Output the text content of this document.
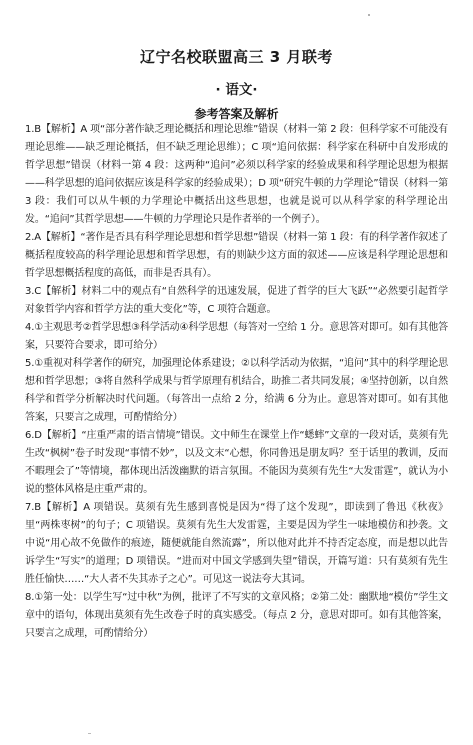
辽宁名校联盟高三 3 月联考
· 语文·
参考答案及解析

1.B【解析】A 项“部分著作缺乏理论概括和理论思维”错误（材料一第 2 段：但科学家不可能没有理论思维——缺乏理论概括，但不缺乏理论思维）；C 项“追问依据：科学家在科研中自发形成的哲学思想”错误（材料一第 4 段：这两种“追问”必须以科学家的经验成果和科学理论思想为根据——科学思想的追问依据应该是科学家的经验成果）；D 项“研究牛顿的力学理论”错误（材料一第 3 段：我们可以从牛顿的力学理论中概括出这些思想，也就是说可以从科学家的科学理论出发。“追问”其哲学思想——牛顿的力学理论只是作者举的一个例子）。

2.A【解析】“著作是否具有科学理论思想和哲学思想”错误（材料一第 1 段：有的科学著作叙述了概括程度较高的科学理论思想和哲学思想，有的则缺少这方面的叙述——应该是科学理论思想和哲学思想概括程度的高低，而非是否具有）。

3.C【解析】材料二中的观点有“自然科学的迅速发展，促进了哲学的巨大飞跃”“必然要引起哲学对象哲学内容和哲学方法的重大变化”等，C 项符合题意。

4.①主观思考②哲学思想③科学活动④科学思想（每答对一空给 1 分。意思答对即可。如有其他答案，只要符合要求，即可给分）

5.①重视对科学著作的研究，加强理论体系建设；②以科学活动为依据，“追问”其中的科学理论思想和哲学思想；③将自然科学成果与哲学原理有机结合，助推二者共同发展；④坚持创新，以自然科学和哲学分析解决时代问题。（每答出一点给 2 分，给满 6 分为止。意思答对即可。如有其他答案，只要言之成理，可酌情给分）

6.D【解析】“庄重严肃的语言情境”错误。文中师生在课堂上作“蟋蟀”文章的一段对话，莫须有先生改“枫树”卷子时发现“事情不妙”，以及文末“心想，你同鲁迅是朋友吗？至于话里的教训，反而不暇理会了”等情境，都体现出活泼幽默的语言氛围。不能因为莫须有先生“大发雷霆”，就认为小说的整体风格是庄重严肃的。

7.B【解析】A 项错误。莫须有先生感到喜悦是因为“得了这个发现”，即读到了鲁迅《秋夜》里“两株枣树”的句子；C 项错误。莫须有先生大发雷霆，主要是因为学生一味地模仿和抄袭。文中说“用心故不免做作的痕迹，随便就能自然流露”，所以他对此并不持否定态度，而是想以此告诉学生“写实”的道理；D 项错误。“进而对中国文学感到失望”错误，开篇写道：只有莫须有先生胜任愉快……“大人者不失其赤子之心”。可见这一说法夸大其词。

8.①第一处：以学生写“过中秋”为例，批评了不写实的文章风格；②第二处：幽默地“模仿”学生文章中的语句，体现出莫须有先生改卷子时的真实感受。（每点 2 分，意思对即可。如有其他答案，只要言之成理，可酌情给分）
